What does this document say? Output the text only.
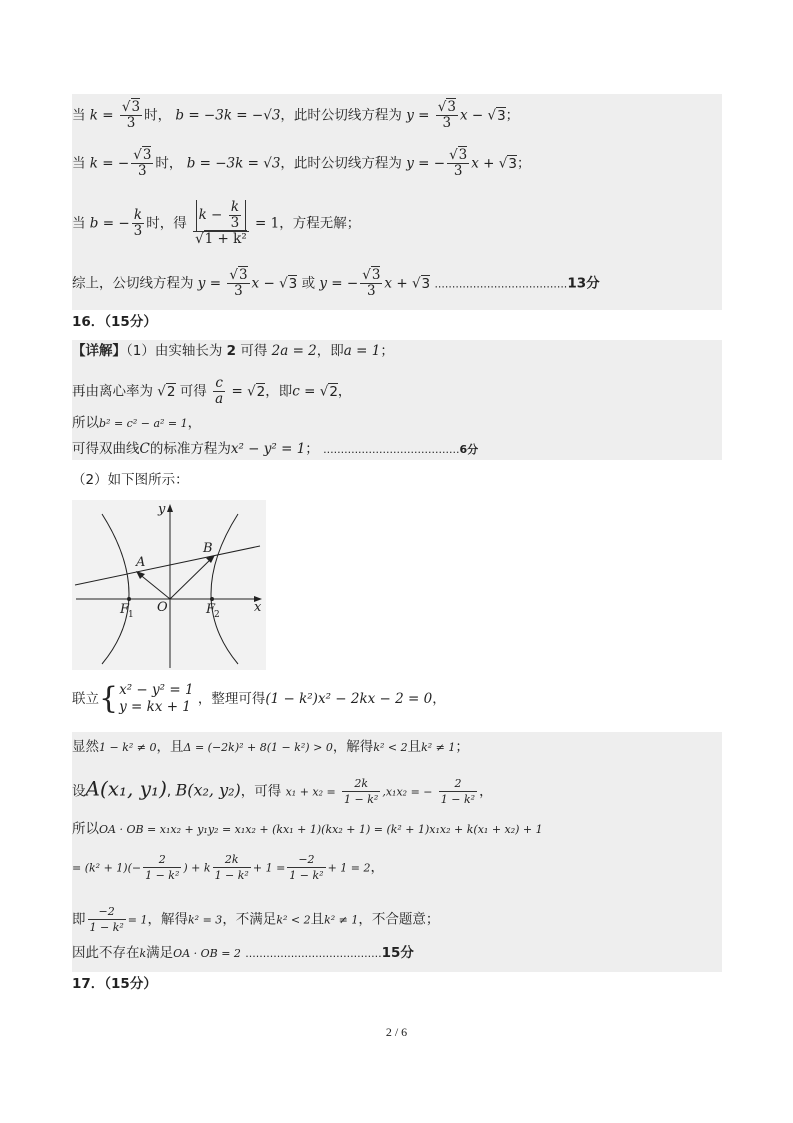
当 $k = \frac{√3}{3}$ 时， b = −3k = −√3，此时公切线方程为 $y = \frac{√3}{3}$ x − √3；
当 k = − $\frac{√3}{3}$ 时， b = −3k = √3，此时公切线方程为 y = − $\frac{√3}{3}$ x + √3；
当 b = − $\frac{k}{3}$ 时，得 $\frac{k - \frac{k}{3}}{\text{√1 + k²}} = 1$，方程无解；
综上，公切线方程为 $y = \frac{√3}{3}$ x − √3 或 y = − $\frac{√3}{3}$ x + √3 ......................................13分
16．（15分）
【详解】（1）由实轴长为 2 可得 2a = 2，即a = 1；
再由离心率为 √2 可得 $\frac{c}{a} = √2$，即c = √2，
所以b² = c² − a² = 1，
可得双曲线C的标准方程为x² − y² = 1； .......................................6分
（2）如下图所示：
y
x
A
B
O
F
1	F
2
联立{x² − y² = 1
y = kx + 1 ，整理可得(1 − k²)x² − 2kx − 2 = 0，
显然1 − k² ≠ 0，且Δ = (−2k)² + 8(1 − k²) > 0，解得k² < 2且k² ≠ 1；
设A(x₁, y₁), B(x₂, y₂)，可得 $x_1 + x_2 = \frac{2k}{\text{1 − k²}} ,x_1x_2$ = − $\frac{2}{\text{1 − k²}}$ ，
所以OA · OB = x₁x₂ + y₁y₂ = x₁x₂ + (kx₁ + 1)(kx₂ + 1) = (k² + 1)x₁x₂ + k(x₁ + x₂) + 1
= $(k^2 + 1)(- \frac{2}{\text{1 − k²}}$ ) + k $\frac{2k}{\text{1 − k²}} + 1 = \frac{-2}{\text{1 − k²}} + 1 = 2$，
即 $\frac{-2}{\text{1 − k²}} = 1$，解得k² = 3，不满足k² < 2且k² ≠ 1，不合题意；
因此不存在k满足OA · OB = 2 .......................................15分
17．（15分）
2 / 6
